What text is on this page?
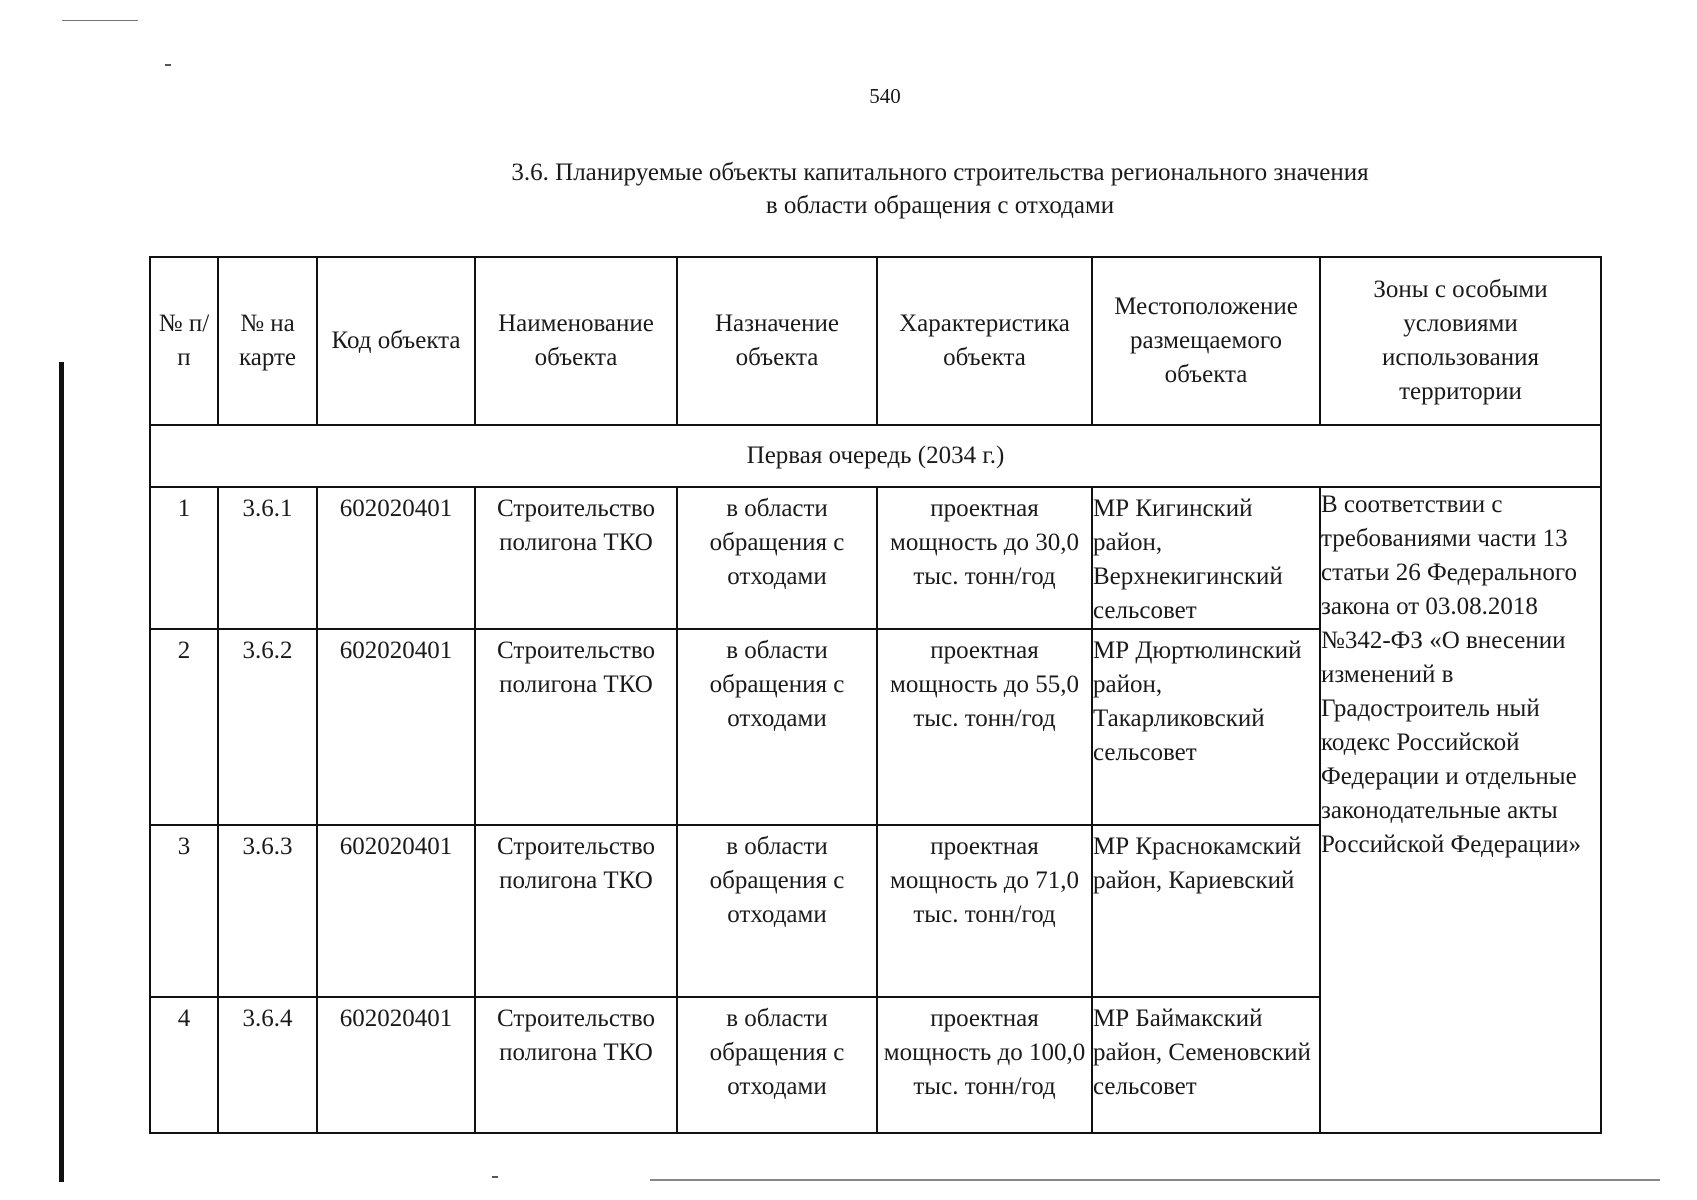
540
3.6. Планируемые объекты капитального строительства регионального значения
в области обращения с отходами
№ п/п	№ на карте	Код объекта	Наименование объекта	Назначение объекта	Характеристика объекта	Местоположение размещаемого объекта	Зоны с особыми условиями использования территории
Первая очередь (2034 г.)							

1	3.6.1	602020401	Строительство полигона ТКО	в области обращения с отходами	проектная мощность до 30,0 тыс. тонн/год	МР Кигинский район, Верхнекигинский сельсовет	В соответствии с требованиями части 13 статьи 26 Федерального закона от 03.08.2018 №342-ФЗ «О внесении изменений в Градостроитель ный кодекс Российской Федерации и отдельные законодательные акты Российской Федерации»

2	3.6.2	602020401	Строительство полигона ТКО	в области обращения с отходами	проектная мощность до 55,0 тыс. тонн/год	МР Дюртюлинский район, Такарликовский сельсовет	

3	3.6.3	602020401	Строительство полигона ТКО	в области обращения с отходами	проектная мощность до 71,0 тыс. тонн/год	МР Краснокамский район, Кариевский	

4	3.6.4	602020401	Строительство полигона ТКО	в области обращения с отходами	проектная мощность до 100,0 тыс. тонн/год	МР Баймакский район, Семеновский сельсовет	
